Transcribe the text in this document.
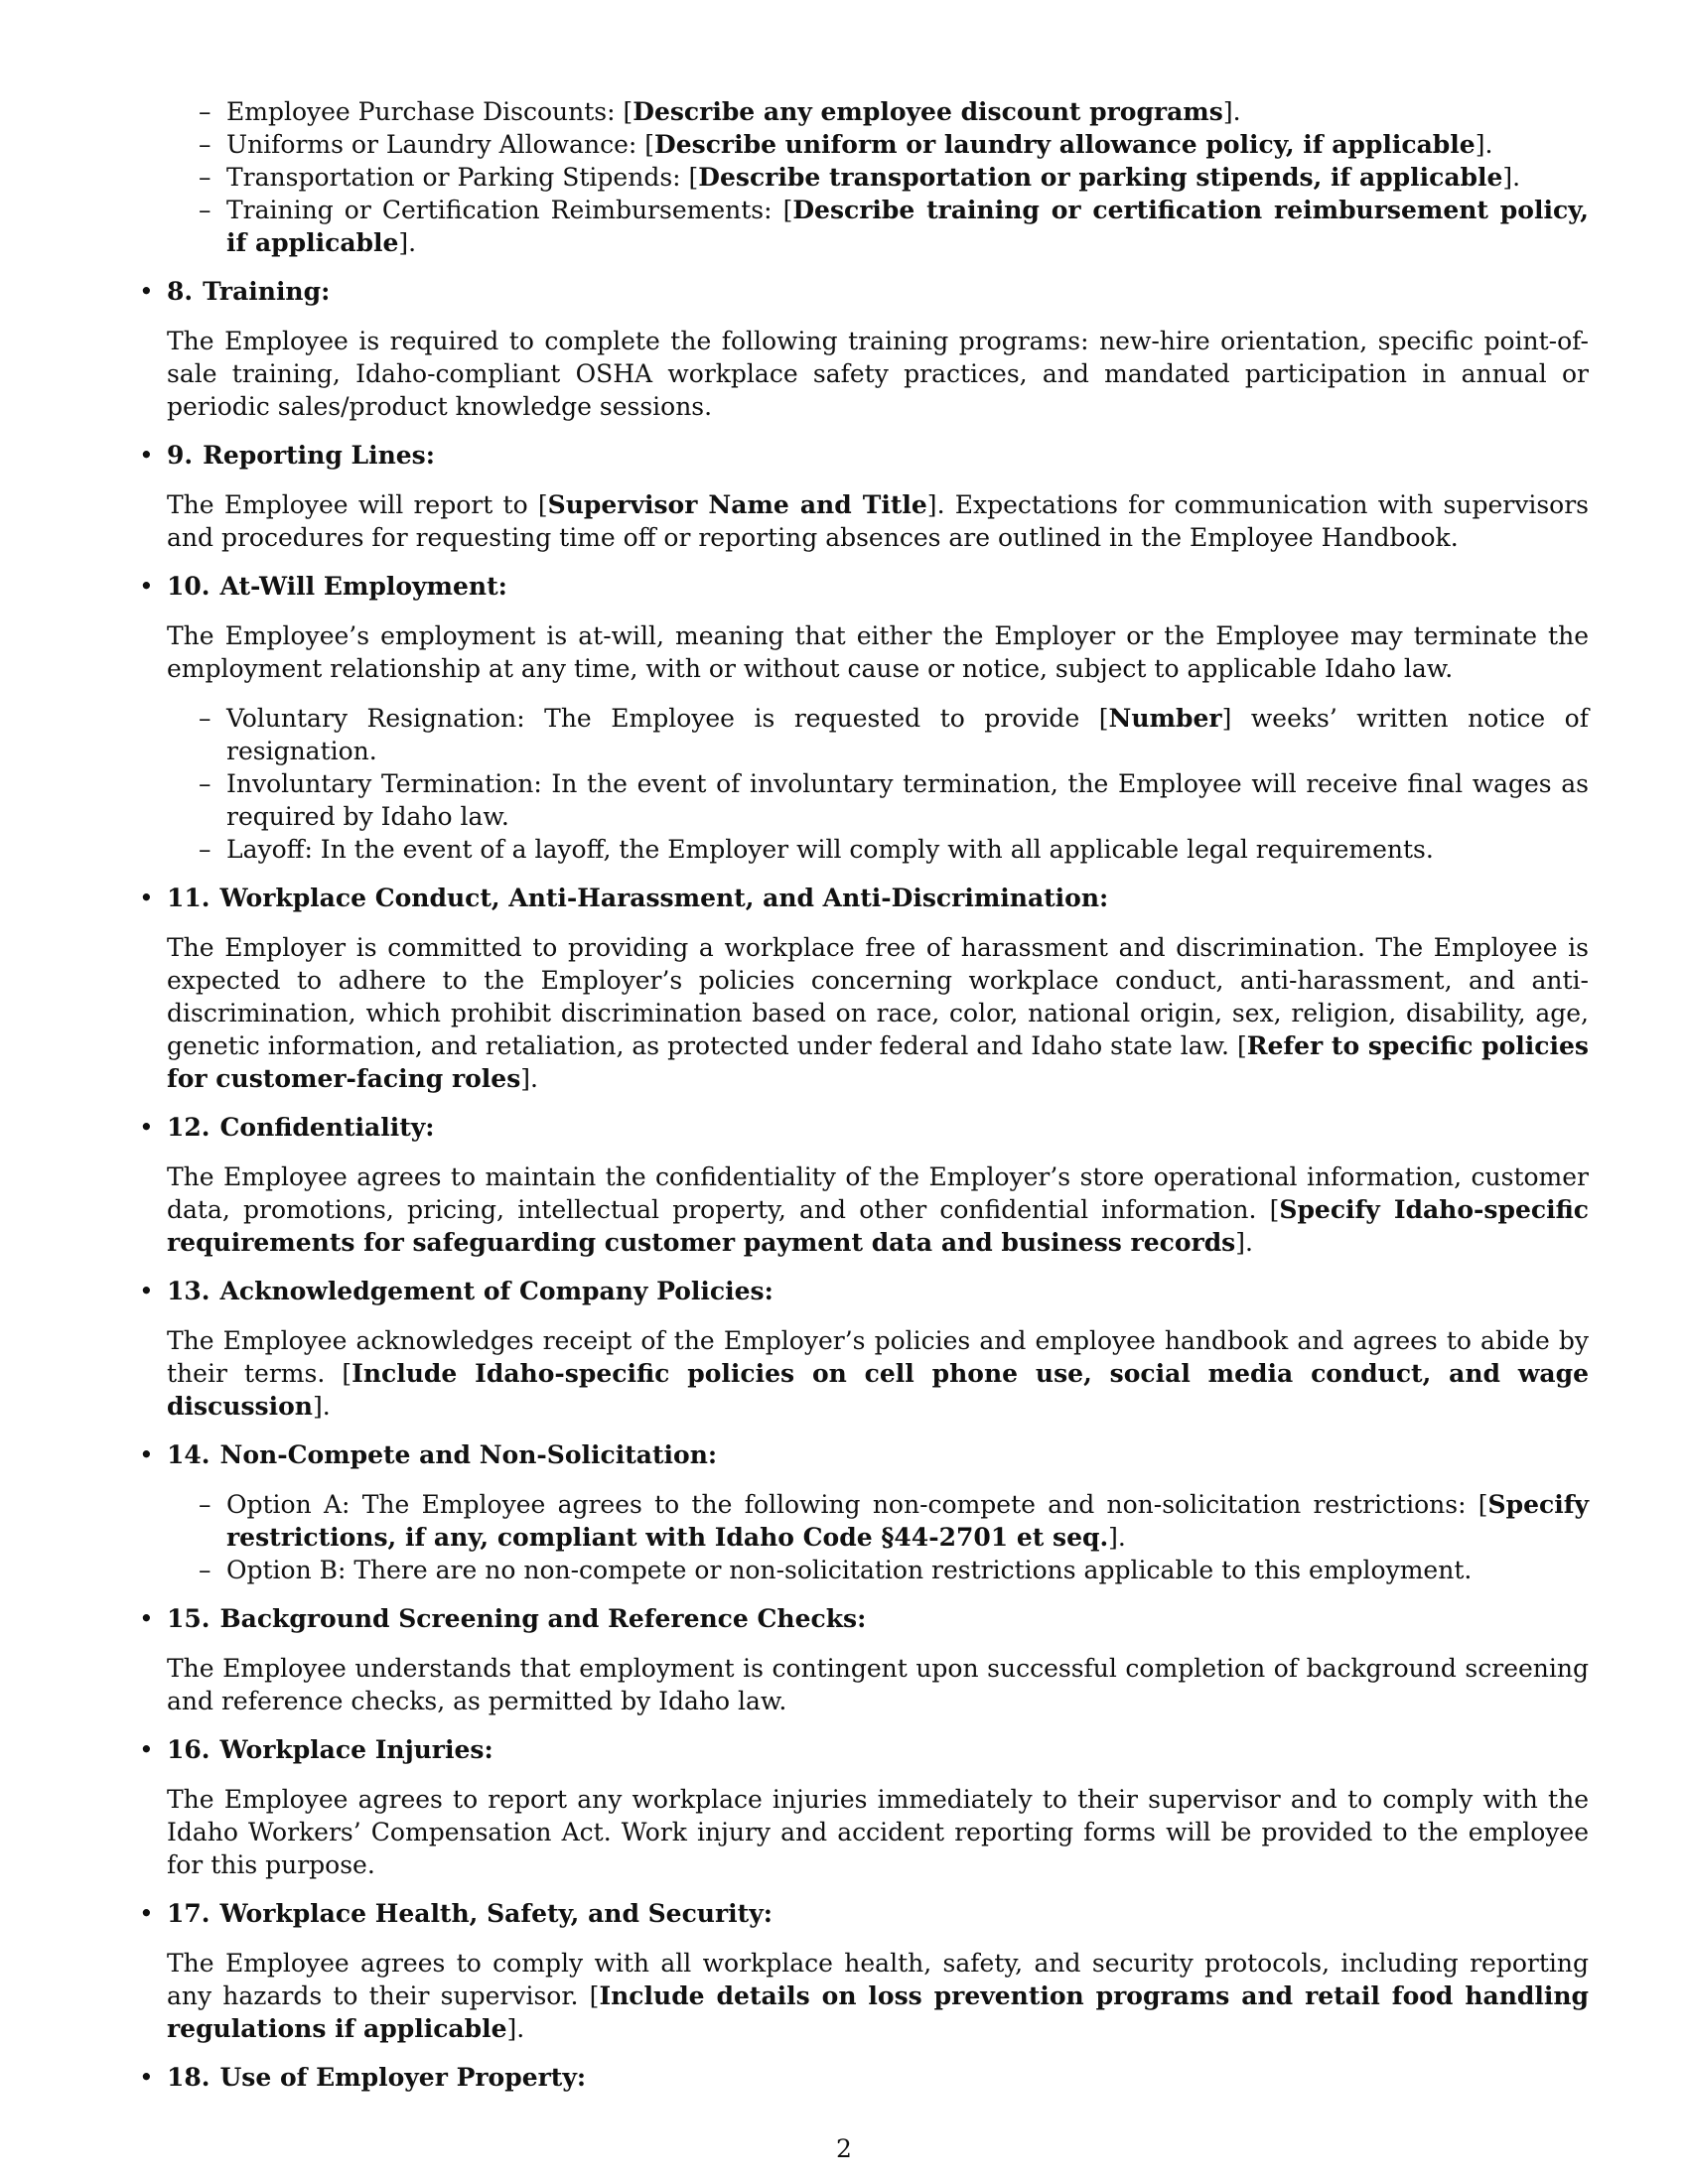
– Employee Purchase Discounts: [Describe any employee discount programs].
– Uniforms or Laundry Allowance: [Describe uniform or laundry allowance policy, if applicable].
– Transportation or Parking Stipends: [Describe transportation or parking stipends, if applicable].
– Training or Certification Reimbursements: [Describe training or certification reimbursement policy, if applicable].
• 8. Training:

The Employee is required to complete the following training programs: new-hire orientation, specific point-of-sale training, Idaho-compliant OSHA workplace safety practices, and mandated participation in annual or periodic sales/product knowledge sessions.

• 9. Reporting Lines:

The Employee will report to [Supervisor Name and Title]. Expectations for communication with supervisors and procedures for requesting time off or reporting absences are outlined in the Employee Handbook.

• 10. At-Will Employment:

The Employee’s employment is at-will, meaning that either the Employer or the Employee may terminate the employment relationship at any time, with or without cause or notice, subject to applicable Idaho law.

– Voluntary Resignation: The Employee is requested to provide [Number] weeks’ written notice of resignation.
– Involuntary Termination: In the event of involuntary termination, the Employee will receive final wages as required by Idaho law.
– Layoff: In the event of a layoff, the Employer will comply with all applicable legal requirements.
• 11. Workplace Conduct, Anti-Harassment, and Anti-Discrimination:

The Employer is committed to providing a workplace free of harassment and discrimination. The Employee is expected to adhere to the Employer’s policies concerning workplace conduct, anti-harassment, and anti-discrimination, which prohibit discrimination based on race, color, national origin, sex, religion, disability, age, genetic information, and retaliation, as protected under federal and Idaho state law. [Refer to specific policies for customer-facing roles].

• 12. Confidentiality:

The Employee agrees to maintain the confidentiality of the Employer’s store operational information, customer data, promotions, pricing, intellectual property, and other confidential information. [Specify Idaho-specific requirements for safeguarding customer payment data and business records].

• 13. Acknowledgement of Company Policies:

The Employee acknowledges receipt of the Employer’s policies and employee handbook and agrees to abide by their terms. [Include Idaho-specific policies on cell phone use, social media conduct, and wage discussion].

• 14. Non-Compete and Non-Solicitation:

– Option A: The Employee agrees to the following non-compete and non-solicitation restrictions: [Specify restrictions, if any, compliant with Idaho Code §44-2701 et seq.].
– Option B: There are no non-compete or non-solicitation restrictions applicable to this employment.
• 15. Background Screening and Reference Checks:

The Employee understands that employment is contingent upon successful completion of background screening and reference checks, as permitted by Idaho law.

• 16. Workplace Injuries:

The Employee agrees to report any workplace injuries immediately to their supervisor and to comply with the Idaho Workers’ Compensation Act. Work injury and accident reporting forms will be provided to the employee for this purpose.

• 17. Workplace Health, Safety, and Security:

The Employee agrees to comply with all workplace health, safety, and security protocols, including reporting any hazards to their supervisor. [Include details on loss prevention programs and retail food handling regulations if applicable].

• 18. Use of Employer Property:

2
